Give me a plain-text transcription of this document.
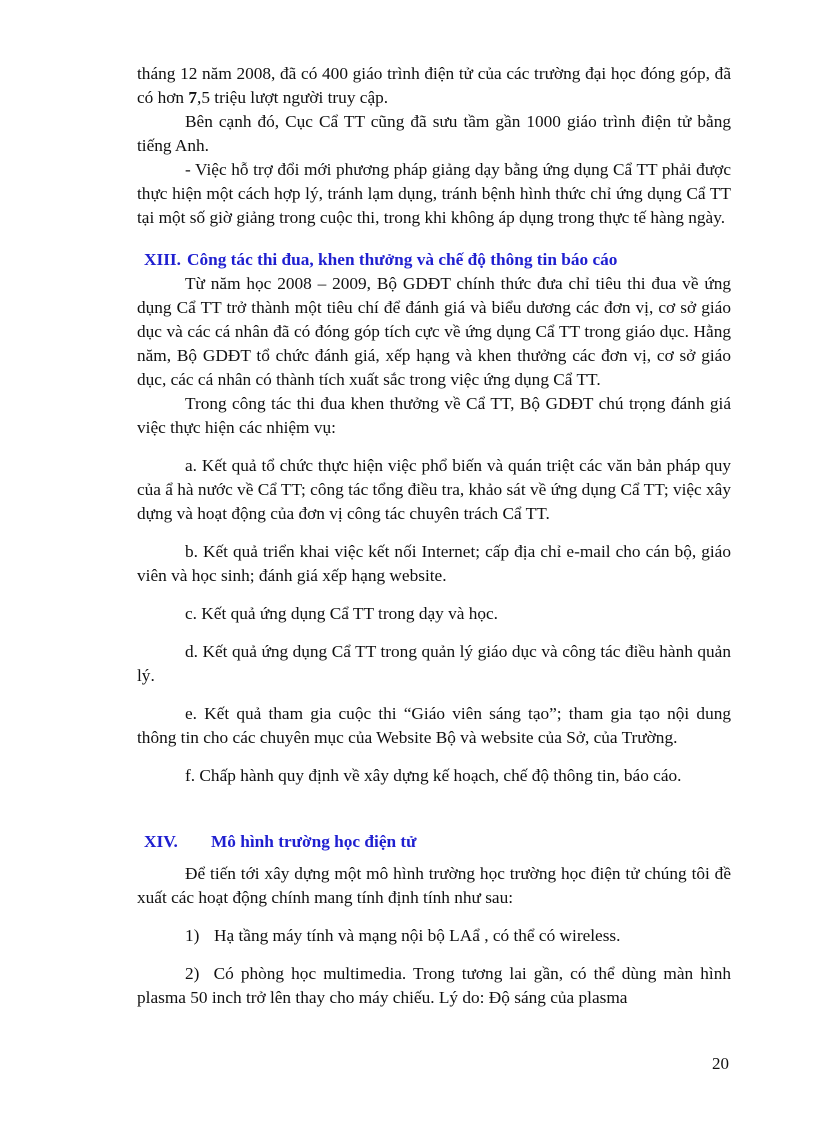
tháng 12 năm 2008, đã có 400 giáo trình điện tử của các trường đại học đóng góp, đã có hơn 7,5 triệu lượt người truy cập.

Bên cạnh đó, Cục Cẩ TT cũng đã sưu tầm gần 1000 giáo trình điện tử bằng tiếng Anh.

- Việc hỗ trợ đổi mới phương pháp giảng dạy bằng ứng dụng Cẩ TT phải được thực hiện một cách hợp lý, tránh lạm dụng, tránh bệnh hình thức chỉ ứng dụng Cẩ TT tại một số giờ giảng trong cuộc thi, trong khi không áp dụng trong thực tế hàng ngày.

XIII. Công tác thi đua, khen thưởng và chế độ thông tin báo cáo

Từ năm học 2008 – 2009, Bộ GDĐT chính thức đưa chỉ tiêu thi đua về ứng dụng Cẩ TT trở thành một tiêu chí để đánh giá và biểu dương các đơn vị, cơ sở giáo dục và các cá nhân đã có đóng góp tích cực về ứng dụng Cẩ TT trong giáo dục. Hằng năm, Bộ GDĐT tổ chức đánh giá, xếp hạng và khen thưởng các đơn vị, cơ sở giáo dục, các cá nhân có thành tích xuất sắc trong việc ứng dụng Cẩ TT.

Trong công tác thi đua khen thưởng về Cẩ TT, Bộ GDĐT chú trọng đánh giá việc thực hiện các nhiệm vụ:

a. Kết quả tổ chức thực hiện việc phổ biến và quán triệt các văn bản pháp quy của ẩ hà nước về Cẩ TT; công tác tổng điều tra, khảo sát về ứng dụng Cẩ TT; việc xây dựng và hoạt động của đơn vị công tác chuyên trách Cẩ TT.

b. Kết quả triển khai việc kết nối Internet; cấp địa chỉ e-mail cho cán bộ, giáo viên và học sinh; đánh giá xếp hạng website.

c. Kết quả ứng dụng Cẩ TT trong dạy và học.

d. Kết quả ứng dụng Cẩ TT trong quản lý giáo dục và công tác điều hành quản lý.

e. Kết quả tham gia cuộc thi “Giáo viên sáng tạo”; tham gia tạo nội dung thông tin cho các chuyên mục của Website Bộ và website của Sở, của Trường.

f. Chấp hành quy định về xây dựng kế hoạch, chế độ thông tin, báo cáo.

XIV. Mô hình trường học điện tử

Để tiến tới xây dựng một mô hình trường học trường học điện tử chúng tôi đề xuất các hoạt động chính mang tính định tính như sau:

1) Hạ tầng máy tính và mạng nội bộ LAẩ , có thể có wireless.

2) Có phòng học multimedia. Trong tương lai gần, có thể dùng màn hình plasma 50 inch trở lên thay cho máy chiếu. Lý do: Độ sáng của plasma

20
